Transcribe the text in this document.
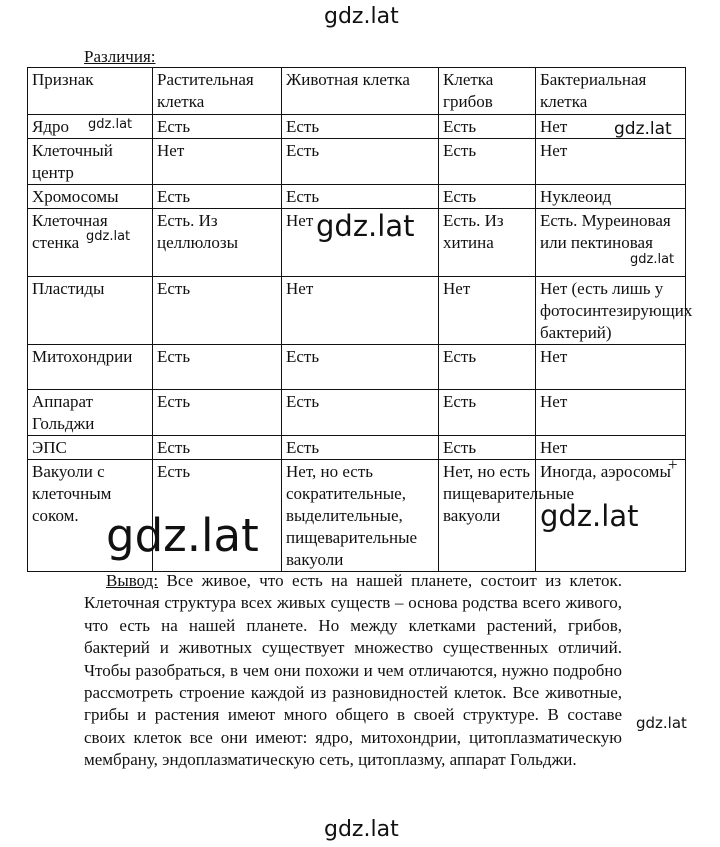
gdz.lat
Различия:
Признак	Растительная клетка	Животная клетка	Клетка грибов	Бактериальная клетка
Ядро	Есть	Есть	Есть	Нет
Клеточный центр	Нет	Есть	Есть	Нет
Хромосомы	Есть	Есть	Есть	Нуклеоид
Клеточная стенка	Есть. Из целлюлозы	Нет	Есть. Из хитина	Есть. Муреиновая или пектиновая
Пластиды	Есть	Нет	Нет	Нет (есть лишь у фотосинтезирующих бактерий)
Митохондрии	Есть	Есть	Есть	Нет
Аппарат Гольджи	Есть	Есть	Есть	Нет
ЭПС	Есть	Есть	Есть	Нет
Вакуоли с клеточным соком.	Есть	Нет, но есть сократительные, выделительные, пищеварительные вакуоли	Нет, но есть пищеварительные вакуоли	Иногда, аэросомы
+

Вывод: Все живое, что есть на нашей планете, состоит из клеток. Клеточная структура всех живых существ – основа родства всего живого, что есть на нашей планете. Но между клетками растений, грибов, бактерий и животных существует множество существенных отличий. Чтобы разобраться, в чем они похожи и чем отличаются, нужно подробно рассмотреть строение каждой из разновидностей клеток. Все животные, грибы и растения имеют много общего в своей структуре. В составе своих клеток все они имеют: ядро, митохондрии, цитоплазматическую мембрану, эндоплазматическую сеть, цитоплазму, аппарат Гольджи.

gdz.lat
gdz.lat
gdz.lat
gdz.lat
gdz.lat
gdz.lat
gdz.lat
gdz.lat
gdz.lat
